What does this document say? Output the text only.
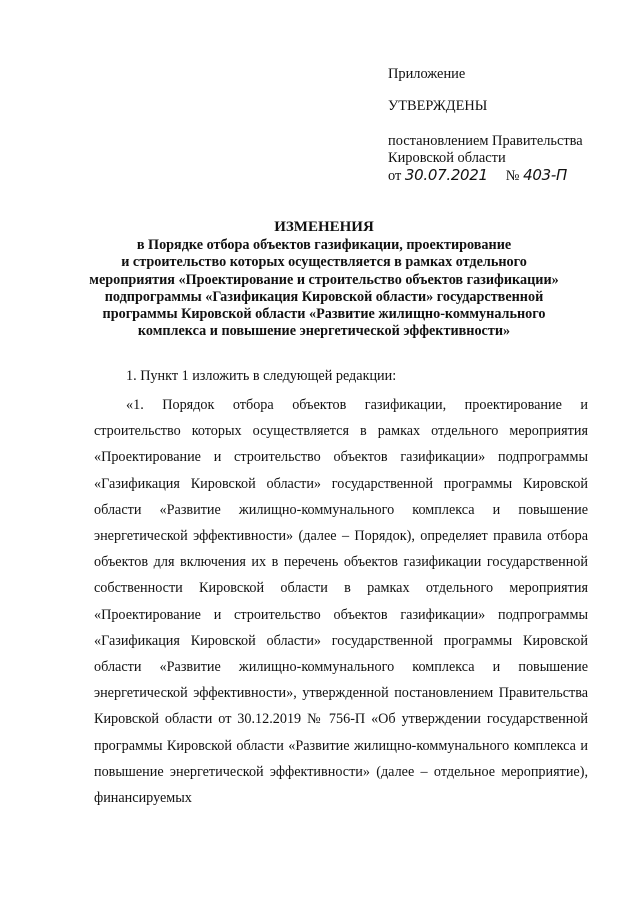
Приложение
УТВЕРЖДЕНЫ
постановлением Правительства
Кировской области
от 30.07.2021 № 403-П
ИЗМЕНЕНИЯ
в Порядке отбора объектов газификации, проектирование
и строительство которых осуществляется в рамках отдельного
мероприятия «Проектирование и строительство объектов газификации»
подпрограммы «Газификация Кировской области» государственной
программы Кировской области «Развитие жилищно-коммунального
комплекса и повышение энергетической эффективности»
1. Пункт 1 изложить в следующей редакции:
«1. Порядок отбора объектов газификации, проектирование и строительство которых осуществляется в рамках отдельного мероприятия «Проектирование и строительство объектов газификации» подпрограммы «Газификация Кировской области» государственной программы Кировской области «Развитие жилищно-коммунального комплекса и повышение энергетической эффективности» (далее – Порядок), определяет правила отбора объектов для включения их в перечень объектов газификации государственной собственности Кировской области в рамках отдельного мероприятия «Проектирование и строительство объектов газификации» подпрограммы «Газификация Кировской области» государственной программы Кировской области «Развитие жилищно-коммунального комплекса и повышение энергетической эффективности», утвержденной постановлением Правительства Кировской области от 30.12.2019 № 756-П «Об утверждении государственной программы Кировской области «Развитие жилищно-коммунального комплекса и повышение энергетической эффективности» (далее – отдельное мероприятие), финансируемых
